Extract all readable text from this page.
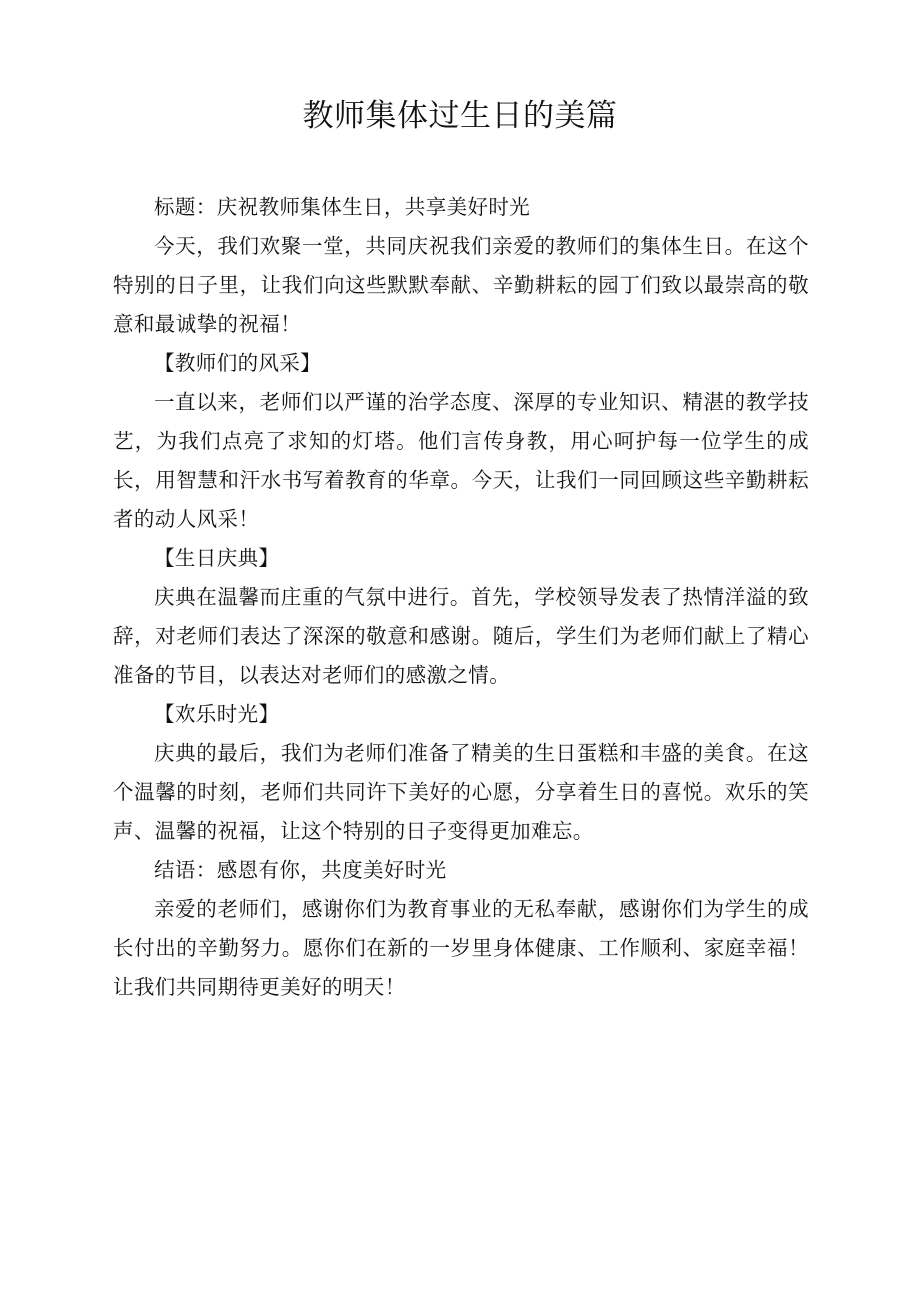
教师集体过生日的美篇

标题：庆祝教师集体生日，共享美好时光

今天，我们欢聚一堂，共同庆祝我们亲爱的教师们的集体生日。在这个特别的日子里，让我们向这些默默奉献、辛勤耕耘的园丁们致以最崇高的敬意和最诚挚的祝福！

【教师们的风采】

一直以来，老师们以严谨的治学态度、深厚的专业知识、精湛的教学技艺，为我们点亮了求知的灯塔。他们言传身教，用心呵护每一位学生的成长，用智慧和汗水书写着教育的华章。今天，让我们一同回顾这些辛勤耕耘者的动人风采！

【生日庆典】

庆典在温馨而庄重的气氛中进行。首先，学校领导发表了热情洋溢的致辞，对老师们表达了深深的敬意和感谢。随后，学生们为老师们献上了精心准备的节目，以表达对老师们的感激之情。

【欢乐时光】

庆典的最后，我们为老师们准备了精美的生日蛋糕和丰盛的美食。在这个温馨的时刻，老师们共同许下美好的心愿，分享着生日的喜悦。欢乐的笑声、温馨的祝福，让这个特别的日子变得更加难忘。

结语：感恩有你，共度美好时光

亲爱的老师们，感谢你们为教育事业的无私奉献，感谢你们为学生的成长付出的辛勤努力。愿你们在新的一岁里身体健康、工作顺利、家庭幸福！让我们共同期待更美好的明天！
